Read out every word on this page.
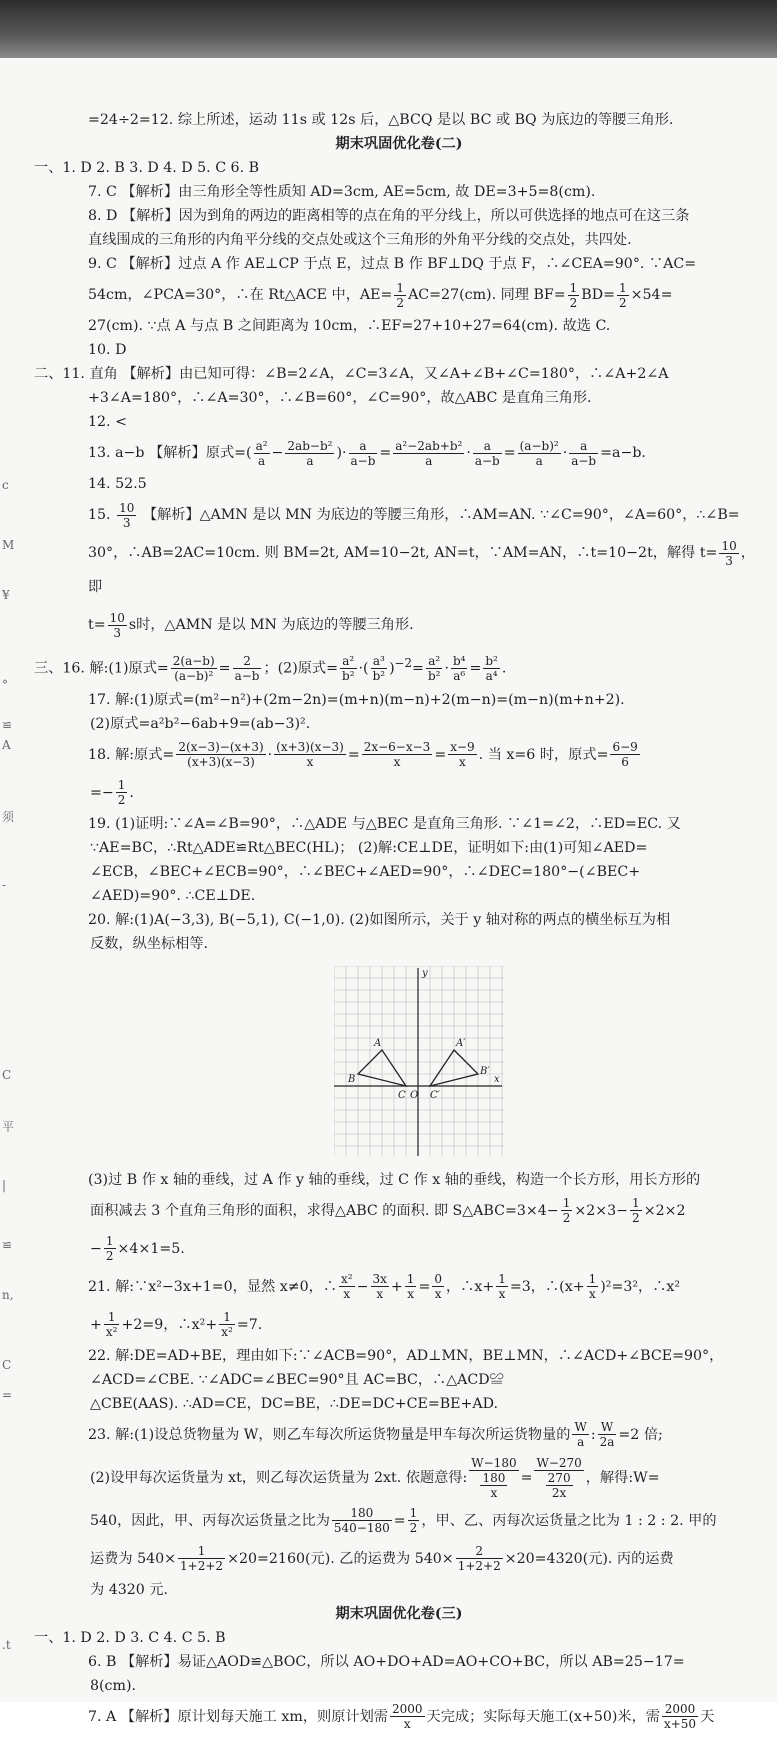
c
M
¥
°
≌
A
须
-
C
平
|
≌
n,
C
=
.t

=24÷2=12. 综上所述，运动 11s 或 12s 后，△BCQ 是以 BC 或 BQ 为底边的等腰三角形.

期末巩固优化卷(二)

一、1. D 2. B 3. D 4. D 5. C 6. B

7. C 【解析】由三角形全等性质知 AD=3cm, AE=5cm, 故 DE=3+5=8(cm).

8. D 【解析】因为到角的两边的距离相等的点在角的平分线上，所以可供选择的地点可在这三条

直线围成的三角形的内角平分线的交点处或这个三角形的外角平分线的交点处，共四处.

9. C 【解析】过点 A 作 AE⊥CP 于点 E，过点 B 作 BF⊥DQ 于点 F，∴∠CEA=90°. ∵AC=

54cm，∠PCA=30°，∴在 Rt△ACE 中，$AE= \frac{1}{2} AC=27(cm)$. 同理 $BF= \frac{1}{2} BD= \frac{1}{2} \times 54=$

27(cm). ∵点 A 与点 B 之间距离为 10cm，∴EF=27+10+27=64(cm). 故选 C.

10. D

二、11. 直角 【解析】由已知可得：∠B=2∠A，∠C=3∠A，又∠A+∠B+∠C=180°，∴∠A+2∠A

+3∠A=180°，∴∠A=30°，∴∠B=60°，∠C=90°，故△ABC 是直角三角形.

12. <

13. a−b 【解析】原式=( $\frac{\text{a²}}{a} - \frac{\text{2ab−b²}}{a}$ )· $\frac{a}{a-b} = \frac{\text{a²−2ab+b²}}{a} \cdot \frac{a}{a-b} = \frac{\text{(a−b)²}}{a} \cdot \frac{a}{a-b} =a-b$.

14. 52.5

15. $\frac{10}{3}$ 【解析】△AMN 是以 MN 为底边的等腰三角形，∴AM=AN. ∵∠C=90°，∠A=60°，∴∠B=

30°，∴AB=2AC=10cm. 则 BM=2t, AM=10−2t, AN=t，∵AM=AN，∴t=10−2t，解得 $t= \frac{10}{3}$ ，即

$t= \frac{10}{3}$ s时，△AMN 是以 MN 为底边的等腰三角形.

三、16. 解:(1)原式= $\frac{2(a-b)}{\text{(a−b)²}} = \frac{2}{a-b}$ ；(2)原式= $\frac{\text{a²}}{\text{b²}}$ ·( $\frac{\text{a³}}{\text{b²}} )^{-2}= \frac{\text{a²}}{\text{b²}} \cdot \frac{\text{b⁴}}{\text{a⁶}} = \frac{\text{b²}}{\text{a⁴}}$ .

17. 解:(1)原式=(m²−n²)+(2m−2n)=(m+n)(m−n)+2(m−n)=(m−n)(m+n+2).

(2)原式=a²b²−6ab+9=(ab−3)².

18. 解:原式= $\frac{2(x-3)-(x+3)}{(x+3)(x-3)} \cdot \frac{(x+3)(x-3)}{x} = \frac{2x-6-x-3}{x} = \frac{x-9}{x}$ . 当 x=6 时，原式= $\frac{6-9}{6}$

=− $\frac{1}{2}$ .

19. (1)证明:∵∠A=∠B=90°，∴△ADE 与△BEC 是直角三角形. ∵∠1=∠2，∴ED=EC. 又

∵AE=BC，∴Rt△ADE≌Rt△BEC(HL)； (2)解:CE⊥DE，证明如下:由(1)可知∠AED=

∠ECB，∠BEC+∠ECB=90°，∴∠BEC+∠AED=90°，∴∠DEC=180°−(∠BEC+

∠AED)=90°. ∴CE⊥DE.

20. 解:(1)A(−3,3), B(−5,1), C(−1,0). (2)如图所示，关于 y 轴对称的两点的横坐标互为相

反数，纵坐标相等.

A	A′
B
B′
C C′
O
x
y

(3)过 B 作 x 轴的垂线，过 A 作 y 轴的垂线，过 C 作 x 轴的垂线，构造一个长方形，用长方形的

面积减去 3 个直角三角形的面积，求得△ABC 的面积. 即 S△ABC=3×4− $\frac{1}{2} \times 2\times 3- \frac{1}{2} \times 2\times 2$

− $\frac{1}{2} \times 4\times 1=5$.

21. 解:∵x²−3x+1=0，显然 x≠0，∴ $\frac{\text{x²}}{x} - \frac{3x}{x} + \frac{1}{x} = \frac{0}{x}$ ，∴x+ $\frac{1}{x} =3$，∴(x+ $\frac{1}{x} )^2=3^2$，∴x²

+ $\frac{1}{\text{x²}} +2=9$，∴x²+ $\frac{1}{\text{x²}} =7$.

22. 解:DE=AD+BE，理由如下:∵∠ACB=90°，AD⊥MN，BE⊥MN，∴∠ACD+∠BCE=90°，

∠ACD=∠CBE. ∵∠ADC=∠BEC=90°且 AC=BC，∴△ACD≌

△CBE(AAS). ∴AD=CE，DC=BE，∴DE=DC+CE=BE+AD.

23. 解:(1)设总货物量为 W，则乙车每次所运货物量是甲车每次所运货物量的 $\frac{W}{a}$ : $\frac{W}{2a} =2$ 倍;

(2)设甲每次运货量为 xt，则乙每次运货量为 2xt. 依题意得: $\frac{W-180}{\frac{180}{x}} = \frac{W-270}{\frac{270}{2x}}$ ，解得:W=

540，因此，甲、丙每次运货量之比为 $\frac{180}{540-180} = \frac{1}{2}$ ，甲、乙、丙每次运货量之比为 1 : 2 : 2. 甲的

运费为 $540\times \frac{1}{1+2+2} \times 20=2160$(元). 乙的运费为 $540\times \frac{2}{1+2+2} \times 20=4320$(元). 丙的运费

为 4320 元.

期末巩固优化卷(三)

一、1. D 2. D 3. C 4. C 5. B

6. B 【解析】易证△AOD≌△BOC，所以 AO+DO+AD=AO+CO+BC，所以 AB=25−17=

8(cm).

7. A 【解析】原计划每天施工 xm，则原计划需 $\frac{2000}{x}$ 天完成；实际每天施工(x+50)米，需 $\frac{2000}{x+50}$ 天
